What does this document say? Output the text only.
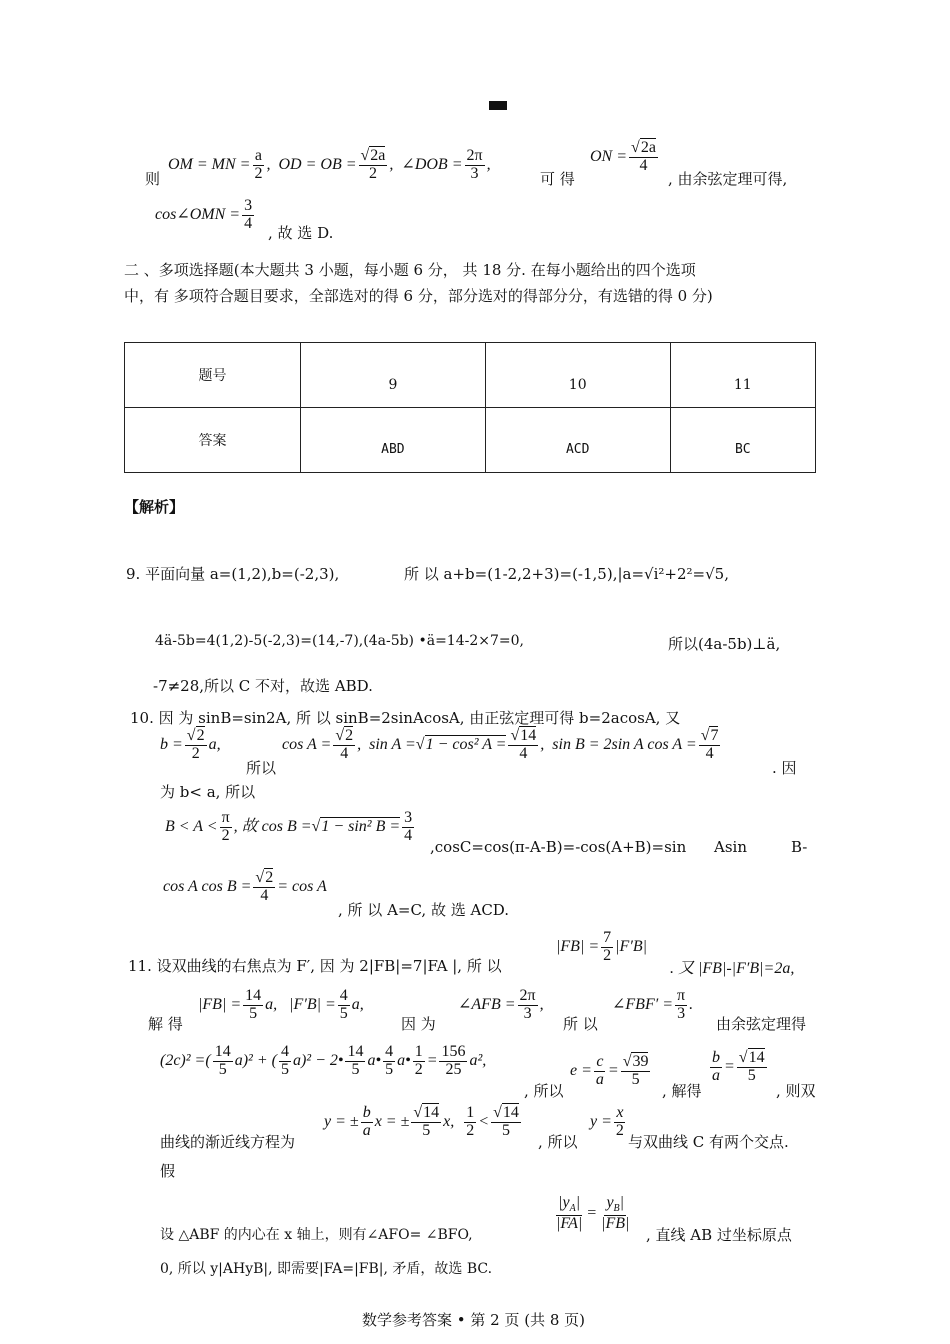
则
OM = MN = $\frac{a}{2}$ ,  OD = OB = $\frac{√2a}{2}$ ,  ∠DOB = $\frac{2\pi}{3}$ ,
可 得
ON = $\frac{√2a}{4}$
, 由余弦定理可得,
cos∠OMN = $\frac{3}{4}$
, 故 选 D.
二 、多项选择题(本大题共 3 小题，每小题 6 分， 共 18 分. 在每小题给出的四个选项
中，有 多项符合题目要求，全部选对的得 6 分，部分选对的得部分分，有选错的得 0 分)
题号	9	10	11
答案	ABD	ACD	BC
【解析】
9. 平面向量 a=(1,2),b=(-2,3),	所 以 a+b=(1-2,2+3)=(-1,5),|a=√i²+2²=√5,
4ä-5b=4(1,2)-5(-2,3)=(14,-7),(4a-5b) •ä=14-2×7=0,	所以(4a-5b)⊥ä,
-7≠28,所以 C 不对，故选 ABD.
10. 因 为 sinB=sin2A, 所 以 sinB=2sinAcosA, 由正弦定理可得 b=2acosA, 又
$b = \frac{√2}{2} a$,
所以
$\cos A = \frac{√2}{4}$ ,  sin A =√1 − cos² $A = \frac{√14}{4}$ ,  sin B = 2sin A $\cos A = \frac{√7}{4}$
. 因
为 b< a, 所以
$B < A < \frac{\pi}{2}$ , 故 cos B =√1 − sin² $B = \frac{3}{4}$
,cosC=cos(π-A-B)=-cos(A+B)=sin Asin	B-
cos A $\cos B = \frac{√2}{4} = \cos A$
, 所 以 A=C, 故 选 ACD.
11. 设双曲线的右焦点为 F′, 因 为 2|FB|=7|FA |, 所 以
$|FB| = \frac{7}{2} |F'B|$
. 又 |FB|-|F′B|=2a,
解 得
$|FB| = \frac{14}{5} a$,   $|F'B| = \frac{4}{5} a$,
因 为
∠AFB = $\frac{2\pi}{3}$ ,
所 以
∠FBF′ = $\frac{\pi}{3}$ .
由余弦定理得
(2c)² =( $\frac{14}{5} a)^2$ + ( $\frac{4}{5} a)^2$ − 2• $\frac{14}{5}$ a• $\frac{4}{5}$ a• $\frac{1}{2} = \frac{156}{25} a^2$,
, 所以
$e = \frac{c}{a} = \frac{√39}{5}$
, 解得
$\frac{b}{a} = \frac{√14}{5}$
, 则双
曲线的渐近线方程为
y = ± $\frac{b}{a}$ x = ± $\frac{√14}{5} x$, $\frac{1}{2} < \frac{√14}{5}$
, 所以
$y = \frac{x}{2}$
与双曲线 C 有两个交点.
假
设 △ABF 的内心在 x 轴上，则有∠AFO= ∠BFO,
$\frac{|y_A|}{|FA|} = \frac{y_B|}{|FB|}$
, 直线 AB 过坐标原点
0, 所以 y|AHyB|, 即需要|FA=|FB|, 矛盾，故选 BC.
数学参考答案 • 第 2 页 (共 8 页)
